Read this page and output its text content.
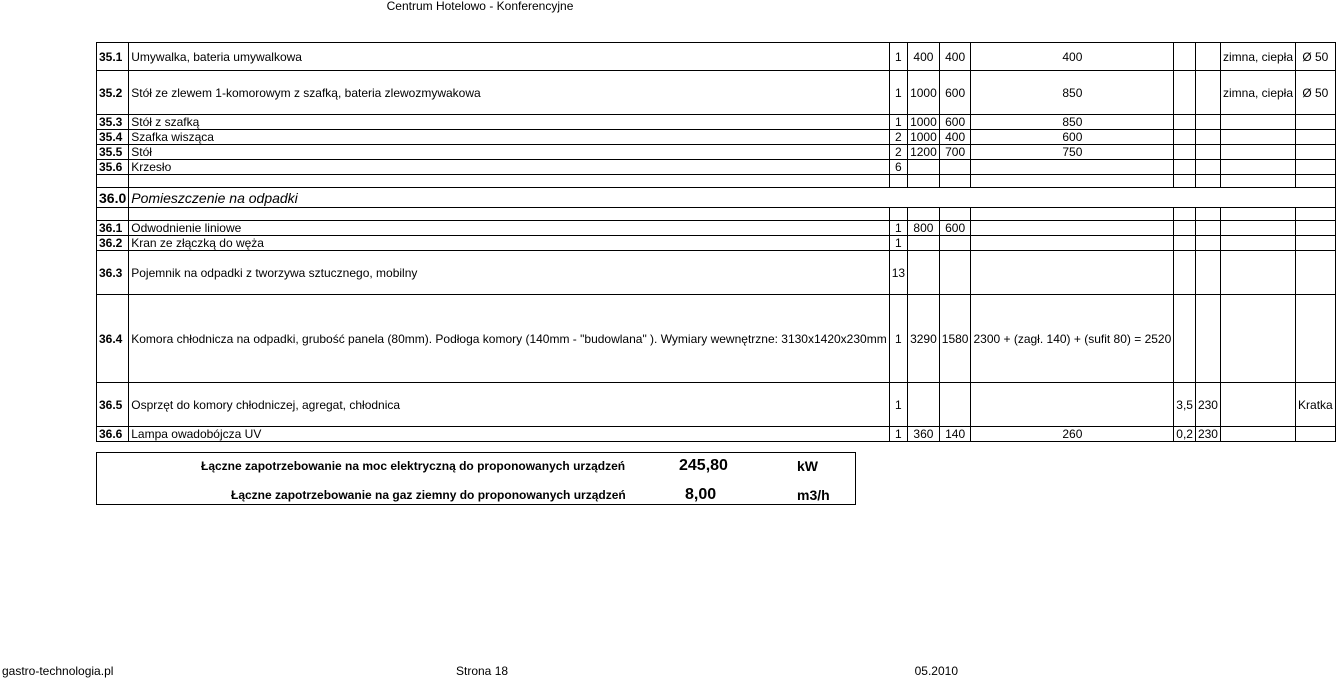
Centrum Hotelowo - Konferencyjne
35.1	Umywalka, bateria umywalkowa	1	400	400	400			zimna, ciepła	Ø 50
35.2	Stół ze zlewem 1-komorowym z szafką, bateria zlewozmywakowa	1	1000	600	850			zimna, ciepła	Ø 50
35.3	Stół z szafką	1	1000	600	850				
35.4	Szafka wisząca	2	1000	400	600				
35.5	Stół	2	1200	700	750				
35.6	Krzesło	6							

36.0	Pomieszczenie na odpadki								

36.1	Odwodnienie liniowe	1	800	600					
36.2	Kran ze złączką do węża	1							
36.3	Pojemnik na odpadki z tworzywa sztucznego, mobilny	13							
36.4	Komora chłodnicza na odpadki, grubość panela (80mm). Podłoga komory (140mm - "budowlana" ). Wymiary wewnętrzne: 3130x1420x230mm	1	3290	1580	2300 + (zagł. 140) + (sufit 80) = 2520				
36.5	Osprzęt do komory chłodniczej, agregat, chłodnica	1				3,5	230		Kratka
36.6	Lampa owadobójcza UV	1	360	140	260	0,2	230		
Łączne zapotrzebowanie na moc elektryczną do proponowanych urządzeń	245,80	kW
Łączne zapotrzebowanie na gaz ziemny do proponowanych urządzeń	8,00	m3/h
gastro-technologia.pl	Strona 18	05.2010
